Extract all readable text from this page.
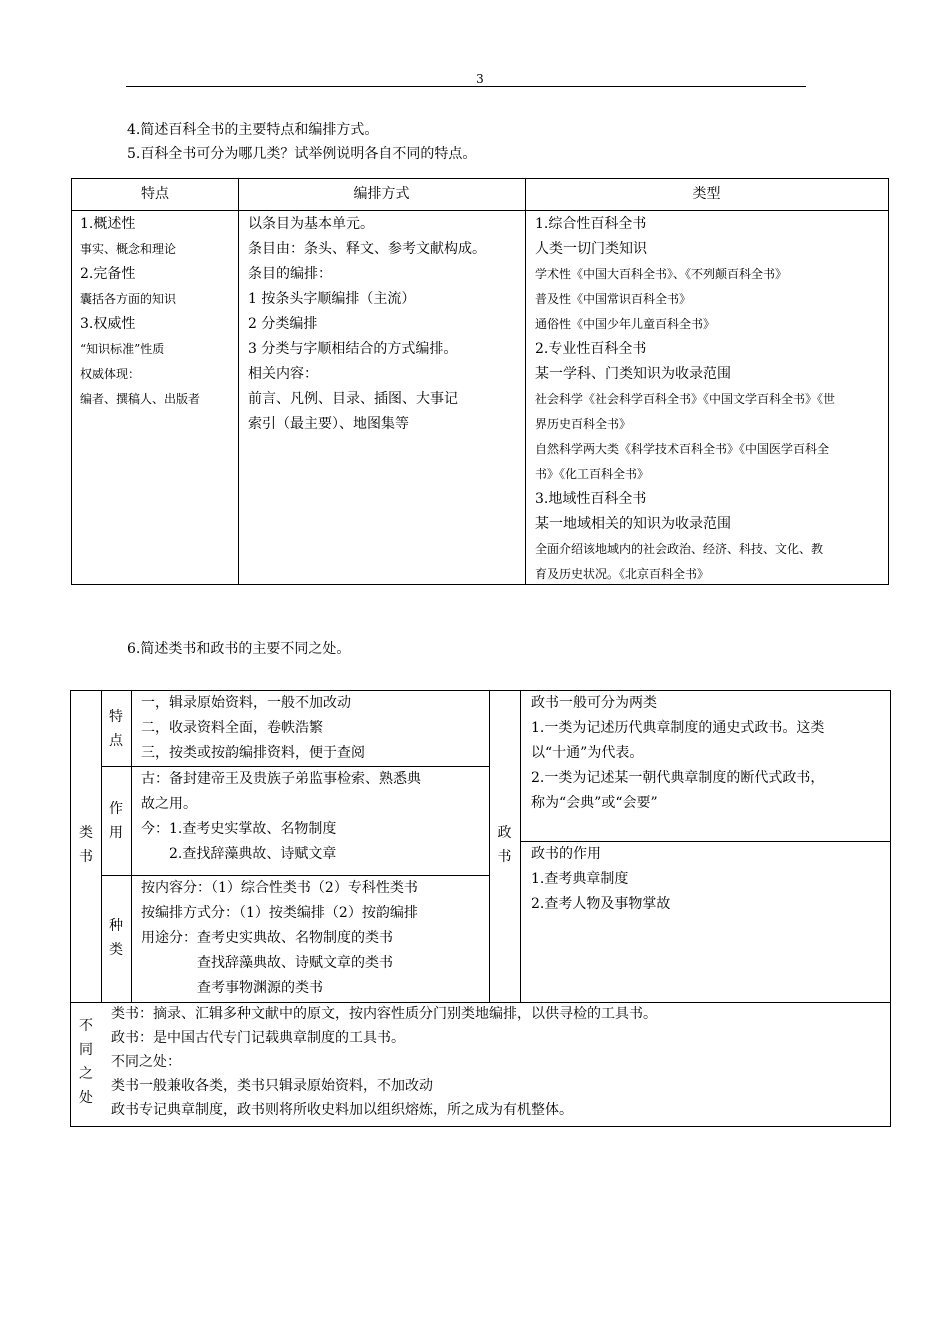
3
4.简述百科全书的主要特点和编排方式。
5.百科全书可分为哪几类？试举例说明各自不同的特点。
特点	编排方式	类型
1.概述性
事实、概念和理论
2.完备性
囊括各方面的知识
3.权威性
“知识标准”性质
权威体现：
编者、撰稿人、出版者
以条目为基本单元。
条目由：条头、释文、参考文献构成。
条目的编排：
1 按条头字顺编排（主流）
2 分类编排
3 分类与字顺相结合的方式编排。
相关内容：
前言、凡例、目录、插图、大事记
索引（最主要）、地图集等
1.综合性百科全书
人类一切门类知识
学术性《中国大百科全书》、《不列颠百科全书》
普及性《中国常识百科全书》
通俗性《中国少年儿童百科全书》
2.专业性百科全书
某一学科、门类知识为收录范围
社会科学《社会科学百科全书》《中国文学百科全书》《世
界历史百科全书》
自然科学两大类《科学技术百科全书》《中国医学百科全
书》《化工百科全书》
3.地域性百科全书
某一地域相关的知识为收录范围
全面介绍该地域内的社会政治、经济、科技、文化、教
育及历史状况。《北京百科全书》
6.简述类书和政书的主要不同之处。
类
书
特
点
作
用
种
类
政
书
不
同
之
处
一，辑录原始资料，一般不加改动
二，收录资料全面，卷帙浩繁
三，按类或按韵编排资料，便于查阅
古：备封建帝王及贵族子弟监事检索、熟悉典
故之用。
今：1.查考史实掌故、名物制度
　　2.查找辞藻典故、诗赋文章
按内容分：（1）综合性类书（2）专科性类书
按编排方式分：（1）按类编排（2）按韵编排
用途分：查考史实典故、名物制度的类书
　　　　查找辞藻典故、诗赋文章的类书
　　　　查考事物渊源的类书
政书一般可分为两类
1.一类为记述历代典章制度的通史式政书。这类
以“十通”为代表。
2.一类为记述某一朝代典章制度的断代式政书，
称为“会典”或“会要”
政书的作用
1.查考典章制度
2.查考人物及事物掌故
类书：摘录、汇辑多种文献中的原文，按内容性质分门别类地编排，以供寻检的工具书。
政书：是中国古代专门记载典章制度的工具书。
不同之处：
类书一般兼收各类，类书只辑录原始资料，不加改动
政书专记典章制度，政书则将所收史料加以组织熔炼，所之成为有机整体。
